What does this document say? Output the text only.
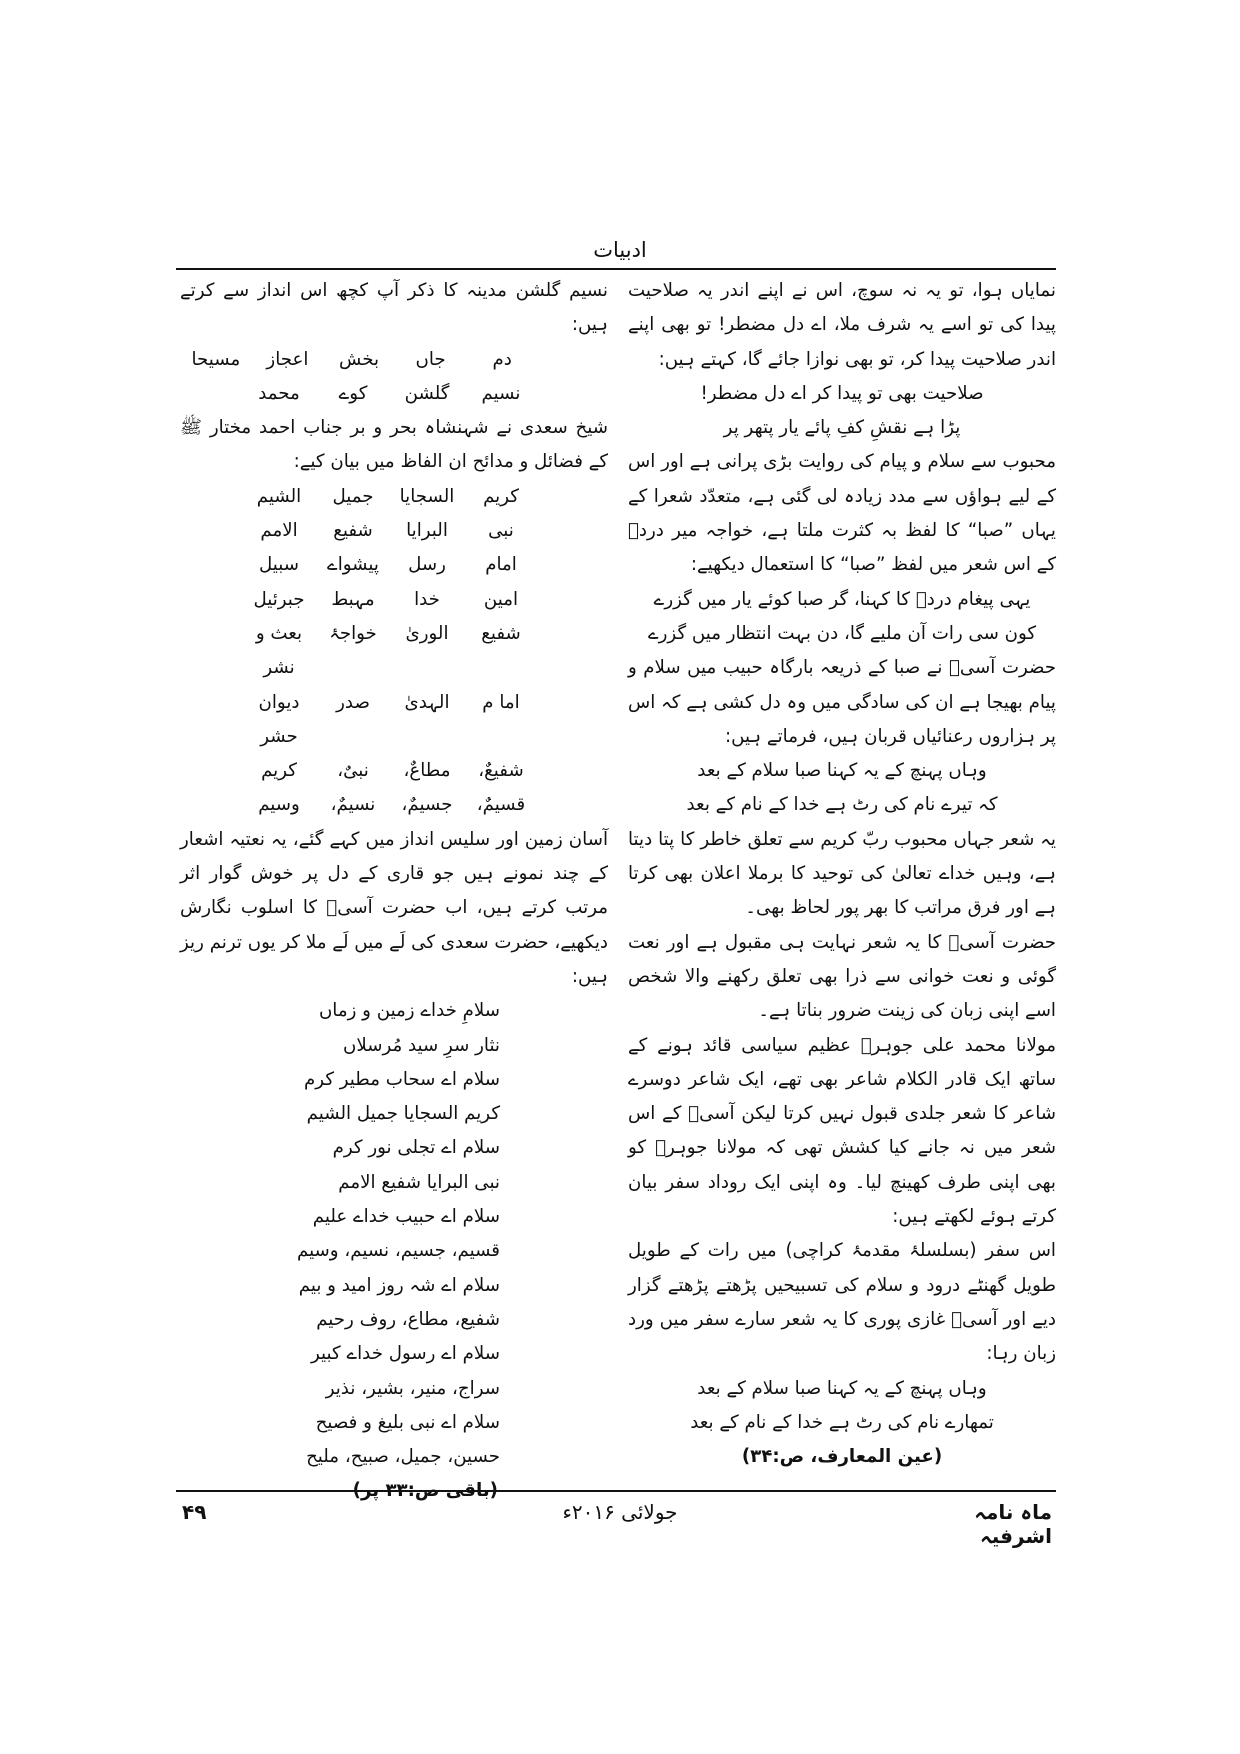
ادبیات

نمایاں ہوا، تو یہ نہ سوچ، اس نے اپنے اندر یہ صلاحیت پیدا کی تو اسے یہ شرف ملا، اے دل مضطر! تو بھی اپنے اندر صلاحیت پیدا کر، تو بھی نوازا جائے گا، کہتے ہیں:

صلاحیت بھی تو پیدا کر اے دل مضطر!
پڑا ہے نقشِ کفِ پائے یار پتھر پر

محبوب سے سلام و پیام کی روایت بڑی پرانی ہے اور اس کے لیے ہواؤں سے مدد زیادہ لی گئی ہے، متعدّد شعرا کے یہاں ”صبا“ کا لفظ بہ کثرت ملتا ہے، خواجہ میر دردؔ کے اس شعر میں لفظ ”صبا“ کا استعمال دیکھیے:

یہی پیغام دردؔ کا کہنا، گر صبا کوئے یار میں گزرے
کون سی رات آن ملیے گا، دن بہت انتظار میں گزرے

حضرت آسیؔ نے صبا کے ذریعہ بارگاہ حبیب میں سلام و پیام بھیجا ہے ان کی سادگی میں وہ دل کشی ہے کہ اس پر ہزاروں رعنائیاں قربان ہیں، فرماتے ہیں:

وہاں پہنچ کے یہ کہنا صبا سلام کے بعد
کہ تیرے نام کی رٹ ہے خدا کے نام کے بعد

یہ شعر جہاں محبوب ربّ کریم سے تعلق خاطر کا پتا دیتا ہے، وہیں خداے تعالیٰ کی توحید کا برملا اعلان بھی کرتا ہے اور فرق مراتب کا بھر پور لحاظ بھی۔

حضرت آسیؔ کا یہ شعر نہایت ہی مقبول ہے اور نعت گوئی و نعت خوانی سے ذرا بھی تعلق رکھنے والا شخص اسے اپنی زبان کی زینت ضرور بناتا ہے۔

مولانا محمد علی جوہرؔ عظیم سیاسی قائد ہونے کے ساتھ ایک قادر الکلام شاعر بھی تھے، ایک شاعر دوسرے شاعر کا شعر جلدی قبول نہیں کرتا لیکن آسیؔ کے اس شعر میں نہ جانے کیا کشش تھی کہ مولانا جوہرؔ کو بھی اپنی طرف کھینچ لیا۔ وہ اپنی ایک روداد سفر بیان کرتے ہوئے لکھتے ہیں:

اس سفر (بسلسلۂ مقدمۂ کراچی) میں رات کے طویل طویل گھنٹے درود و سلام کی تسبیحیں پڑھتے پڑھتے گزار دیے اور آسیؔ غازی پوری کا یہ شعر سارے سفر میں ورد زبان رہا:

وہاں پہنچ کے یہ کہنا صبا سلام کے بعد
تمھارے نام کی رٹ ہے خدا کے نام کے بعد
(عین المعارف، ص:۳۴)

نسیم گلشن مدینہ کا ذکر آپ کچھ اس انداز سے کرتے ہیں:

دم
جاں
بخش
اعجاز
مسیحا
نسیم
گلشن
کوے
محمد

شیخ سعدی نے شہنشاہ بحر و بر جناب احمد مختار ﷺ کے فضائل و مدائح ان الفاظ میں بیان کیے:

کریم
السجایا
جمیل
الشیم
نبی
البرایا
شفیع
الامم
امام
رسل
پیشواے
سبیل
امین
خدا
مہبط
جبرئیل
شفیع
الوریٰ
خواجۂ
بعث و نشر
اما م
الہدیٰ
صدر
دیوان حشر
شفیعٌ،
مطاعٌ،
نبیٌ،
کریم
قسیمٌ،
جسیمٌ،
نسیمٌ،
وسیم

آسان زمین اور سلیس انداز میں کہے گئے، یہ نعتیہ اشعار کے چند نمونے ہیں جو قاری کے دل پر خوش گوار اثر مرتب کرتے ہیں، اب حضرت آسیؔ کا اسلوب نگارش دیکھیے، حضرت سعدی کی لَے میں لَے ملا کر یوں ترنم ریز ہیں:

سلامِ خداے زمین و زماں
نثار سرِ سید مُرسلاں
سلام اے سحاب مطیر کرم
کریم السجایا جمیل الشیم
سلام اے تجلی نور کرم
نبی البرایا شفیع الامم
سلام اے حبیب خداے علیم
قسیم، جسیم، نسیم، وسیم
سلام اے شہ روز امید و بیم
شفیع، مطاع، روف رحیم
سلام اے رسول خداے کبیر
سراج، منیر، بشیر، نذیر
سلام اے نبی بلیغ و فصیح
حسین، جمیل، صبیح، ملیح
(باقی ص:۳۳ پر)
ماہ نامہ اشرفیہ
جولائی ۲۰۱۶ء
۴۹
